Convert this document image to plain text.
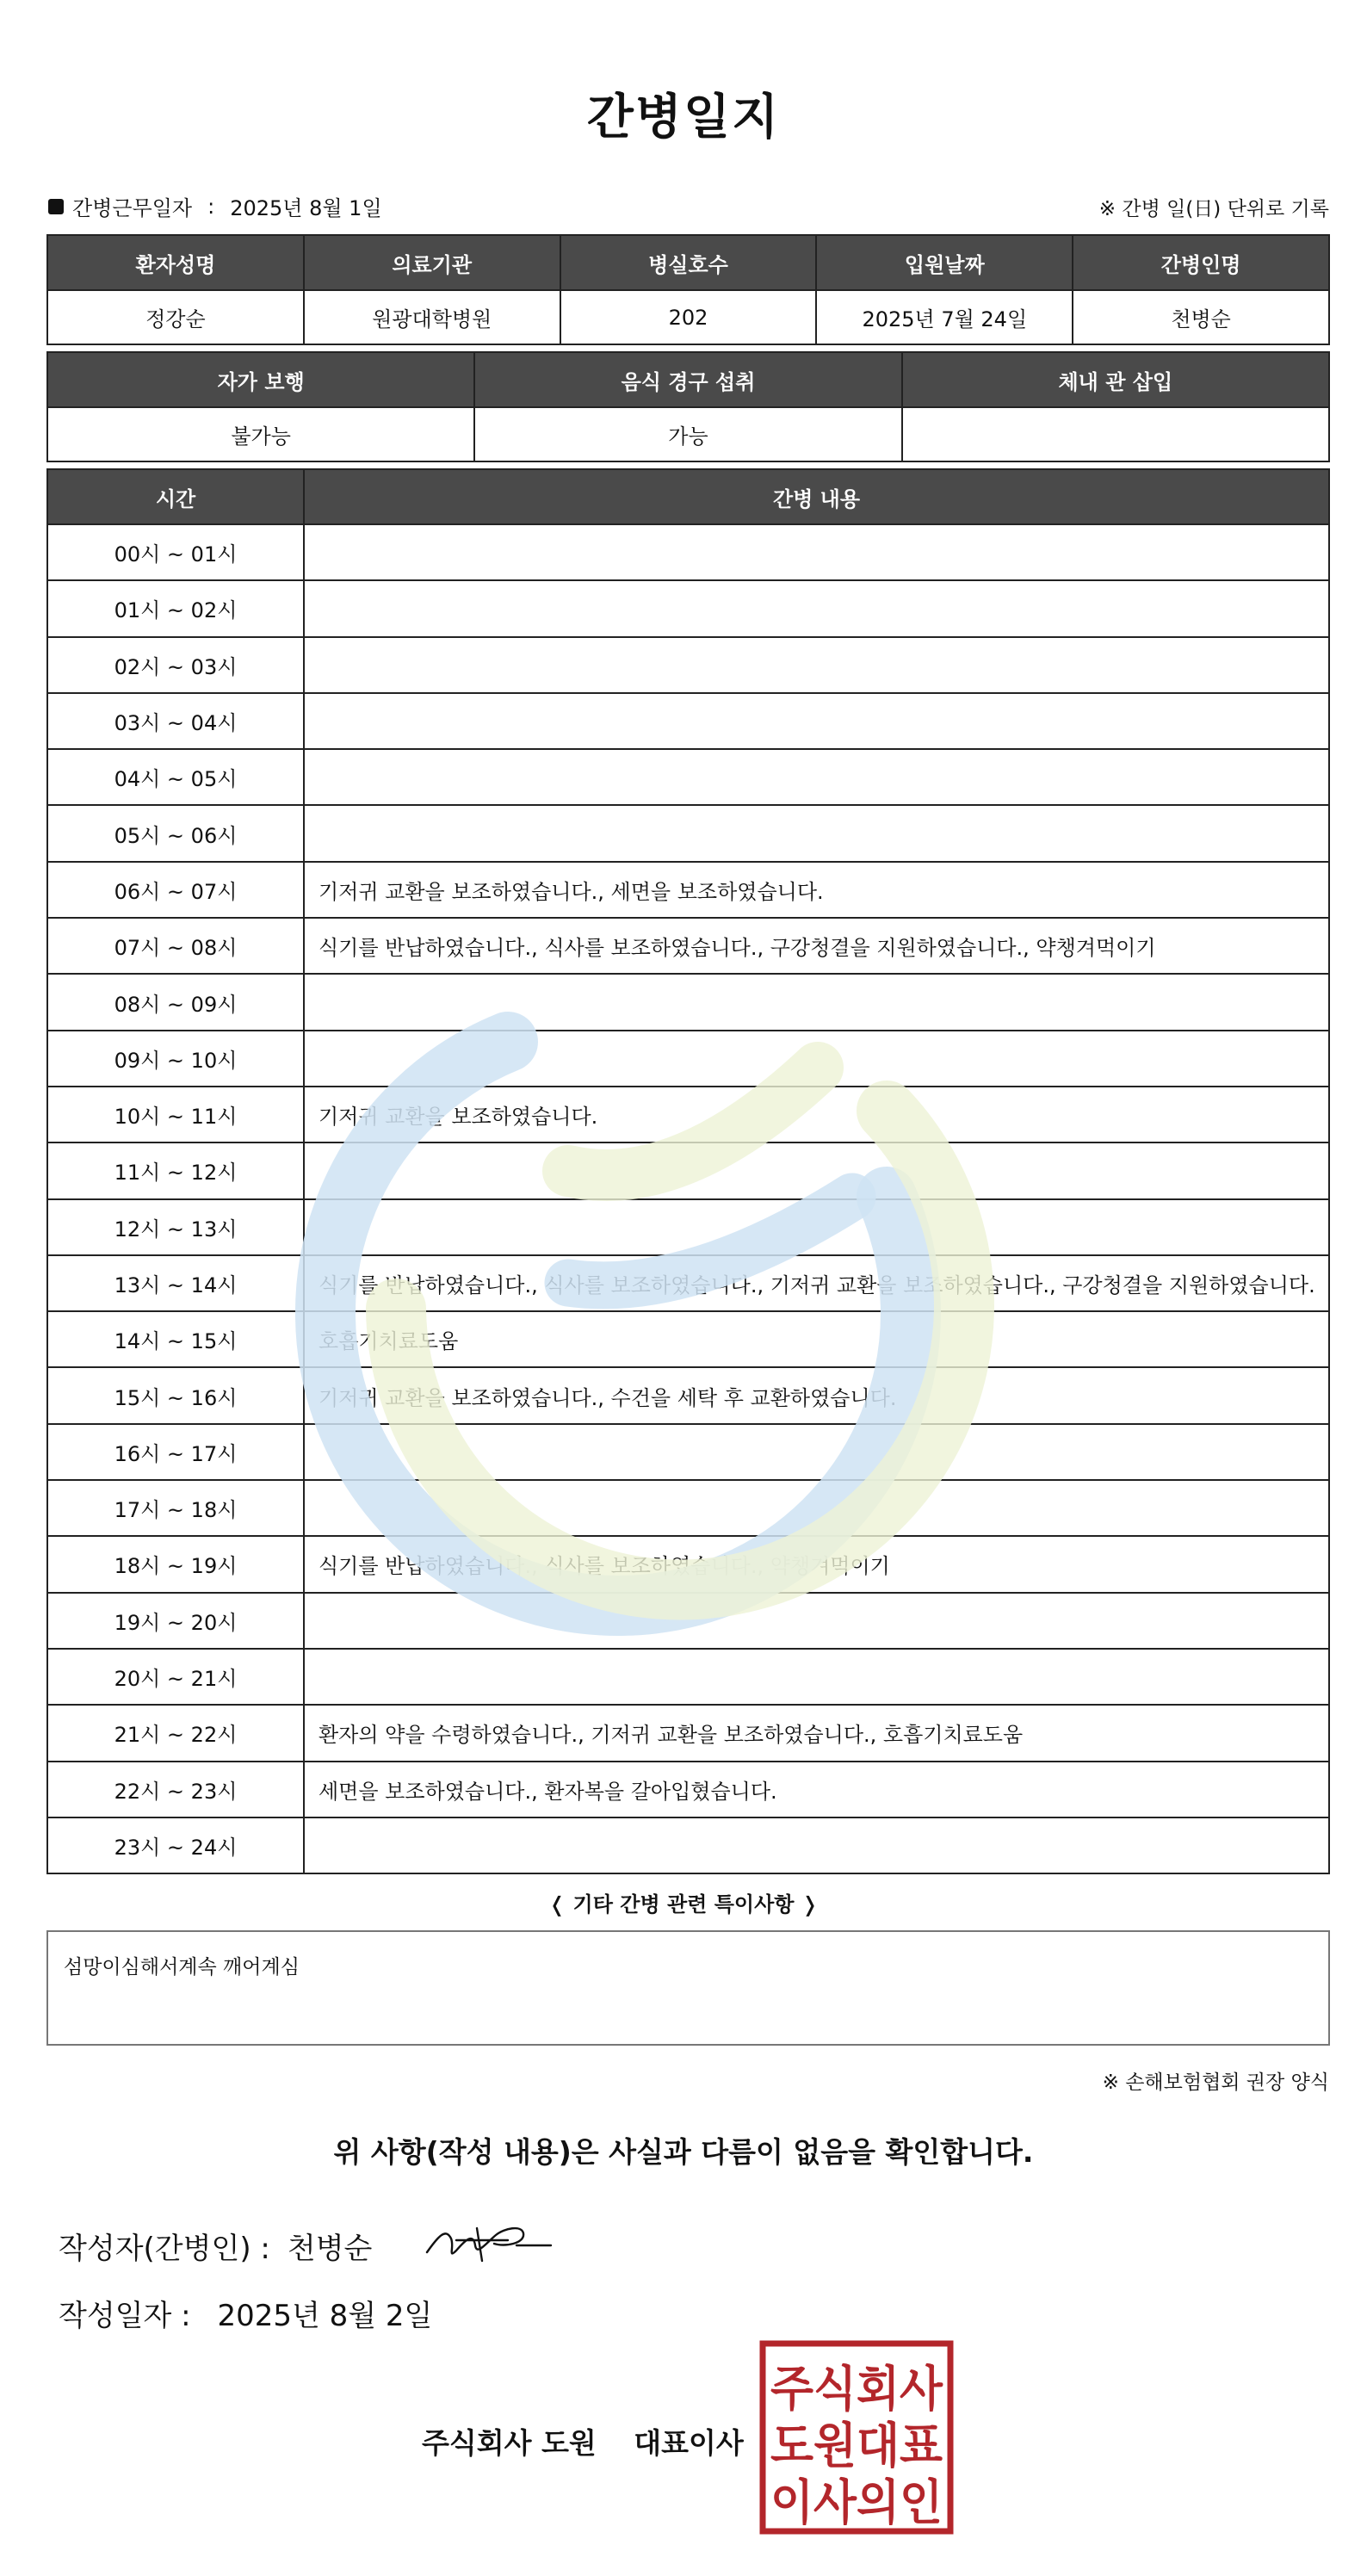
간병일지
간병근무일자 : 2025년 8월 1일	※ 간병 일(日) 단위로 기록
환자성명	의료기관	병실호수	입원날짜	간병인명
정강순	원광대학병원	202	2025년 7월 24일	천병순
자가 보행	음식 경구 섭취	체내 관 삽입
불가능	가능	
시간	간병 내용
00시 ~ 01시	
01시 ~ 02시	
02시 ~ 03시	
03시 ~ 04시	
04시 ~ 05시	
05시 ~ 06시	
06시 ~ 07시	기저귀 교환을 보조하였습니다., 세면을 보조하였습니다.
07시 ~ 08시	식기를 반납하였습니다., 식사를 보조하였습니다., 구강청결을 지원하였습니다., 약챙겨먹이기
08시 ~ 09시	
09시 ~ 10시	
10시 ~ 11시	기저귀 교환을 보조하였습니다.
11시 ~ 12시	
12시 ~ 13시	
13시 ~ 14시	식기를 반납하였습니다., 식사를 보조하였습니다., 기저귀 교환을 보조하였습니다., 구강청결을 지원하였습니다.
14시 ~ 15시	호흡기치료도움
15시 ~ 16시	기저귀 교환을 보조하였습니다., 수건을 세탁 후 교환하였습니다.
16시 ~ 17시	
17시 ~ 18시	
18시 ~ 19시	식기를 반납하였습니다., 식사를 보조하였습니다., 약챙겨먹이기
19시 ~ 20시	
20시 ~ 21시	
21시 ~ 22시	환자의 약을 수령하였습니다., 기저귀 교환을 보조하였습니다., 호흡기치료도움
22시 ~ 23시	세면을 보조하였습니다., 환자복을 갈아입혔습니다.
23시 ~ 24시	
❬ 기타 간병 관련 특이사항 ❭
섬망이심해서계속 깨어계심
※ 손해보험협회 권장 양식
위 사항(작성 내용)은 사실과 다름이 없음을 확인합니다.
작성자(간병인) : 천병순
작성일자 : 2025년 8월 2일
주식회사 도원 대표이사
주식회사
도원대표
이사의인
